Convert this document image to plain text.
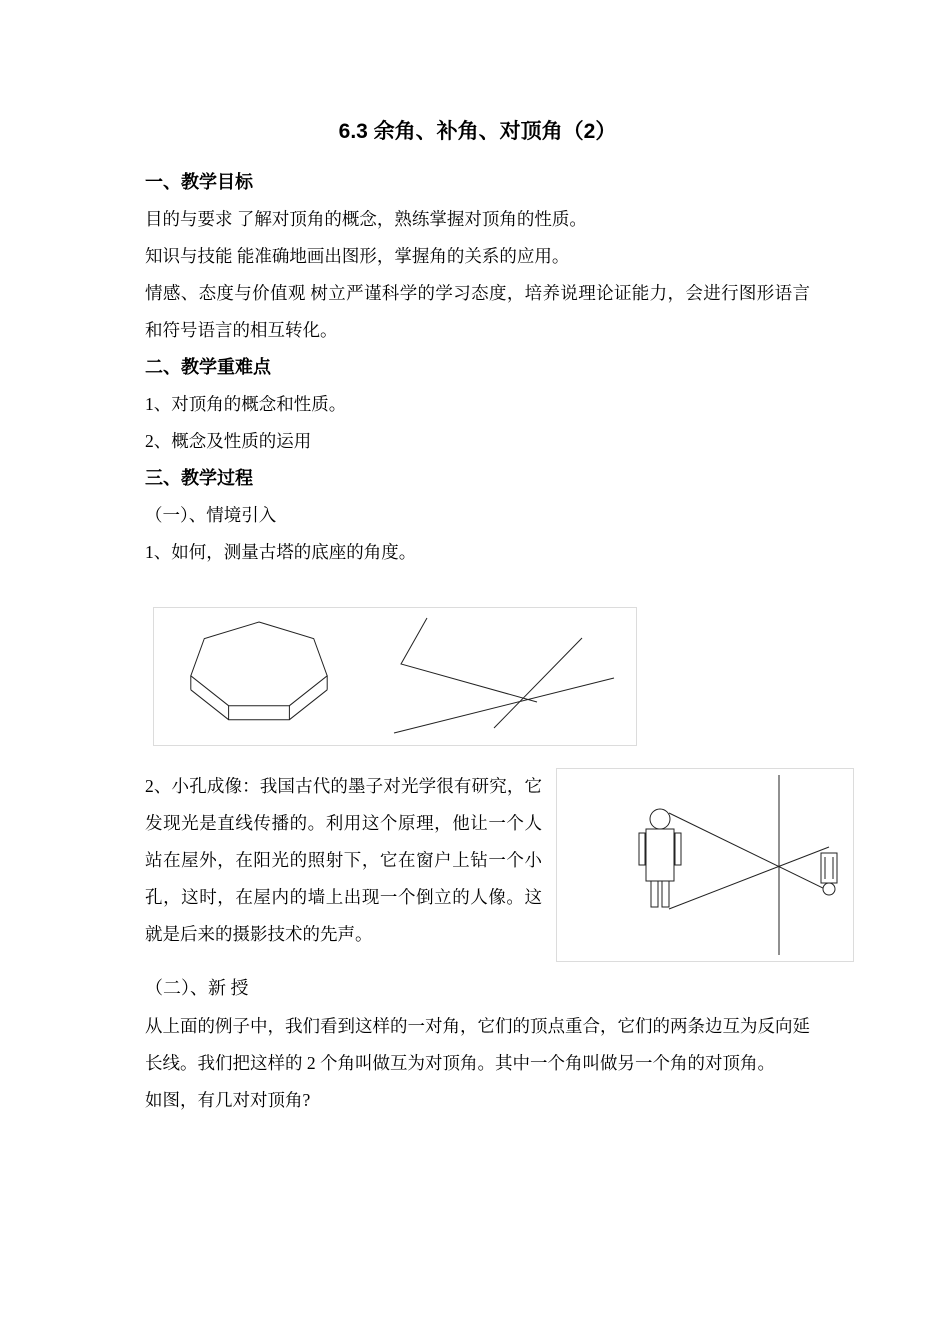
6.3 余角、补角、对顶角（2）
一、教学目标

目的与要求 了解对顶角的概念，熟练掌握对顶角的性质。

知识与技能 能准确地画出图形，掌握角的关系的应用。

情感、态度与价值观 树立严谨科学的学习态度，培养说理论证能力，会进行图形语言和符号语言的相互转化。

二、教学重难点

1、对顶角的概念和性质。

2、概念及性质的运用

三、教学过程

（一）、情境引入

1、如何，测量古塔的底座的角度。

2、小孔成像：我国古代的墨子对光学很有研究，它发现光是直线传播的。利用这个原理，他让一个人站在屋外，在阳光的照射下，它在窗户上钻一个小孔，这时，在屋内的墙上出现一个倒立的人像。这就是后来的摄影技术的先声。

（二）、新 授

从上面的例子中，我们看到这样的一对角，它们的顶点重合，它们的两条边互为反向延长线。我们把这样的 2 个角叫做互为对顶角。其中一个角叫做另一个角的对顶角。

如图，有几对对顶角?
